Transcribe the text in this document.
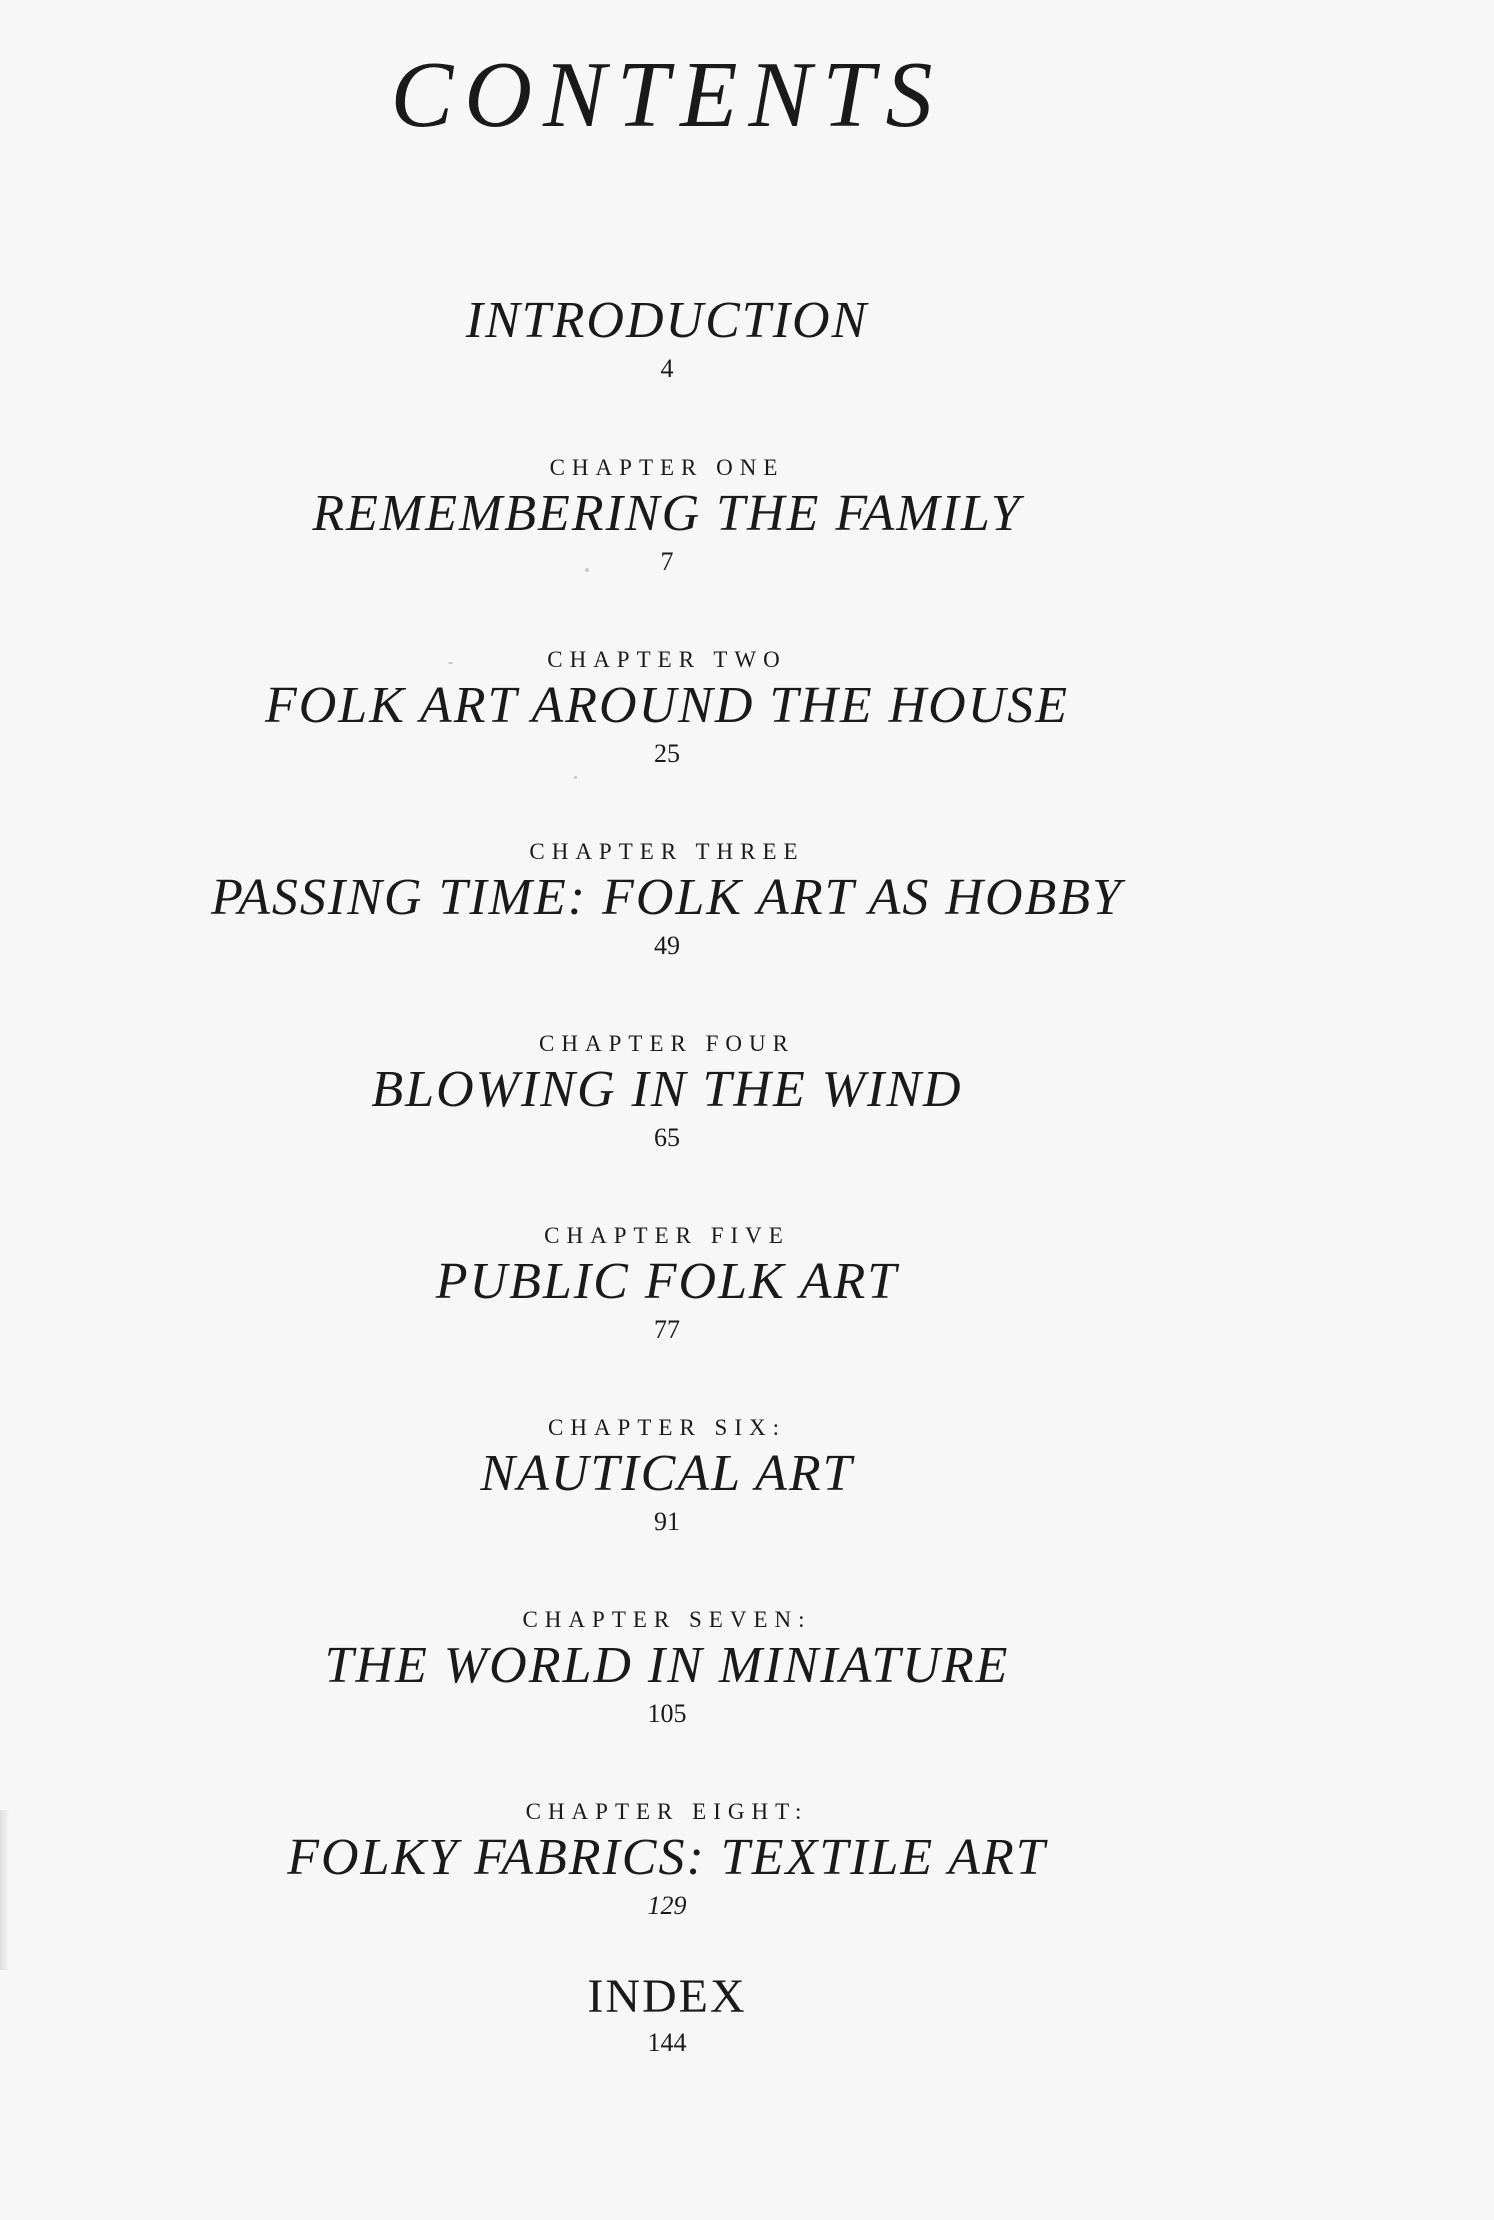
CONTENTS
INTRODUCTION
4
CHAPTER ONE
REMEMBERING THE FAMILY
7
CHAPTER TWO
FOLK ART AROUND THE HOUSE
25
CHAPTER THREE
PASSING TIME: FOLK ART AS HOBBY
49
CHAPTER FOUR
BLOWING IN THE WIND
65
CHAPTER FIVE
PUBLIC FOLK ART
77
CHAPTER SIX:
NAUTICAL ART
91
CHAPTER SEVEN:
THE WORLD IN MINIATURE
105
CHAPTER EIGHT:
FOLKY FABRICS: TEXTILE ART
129
INDEX
144
